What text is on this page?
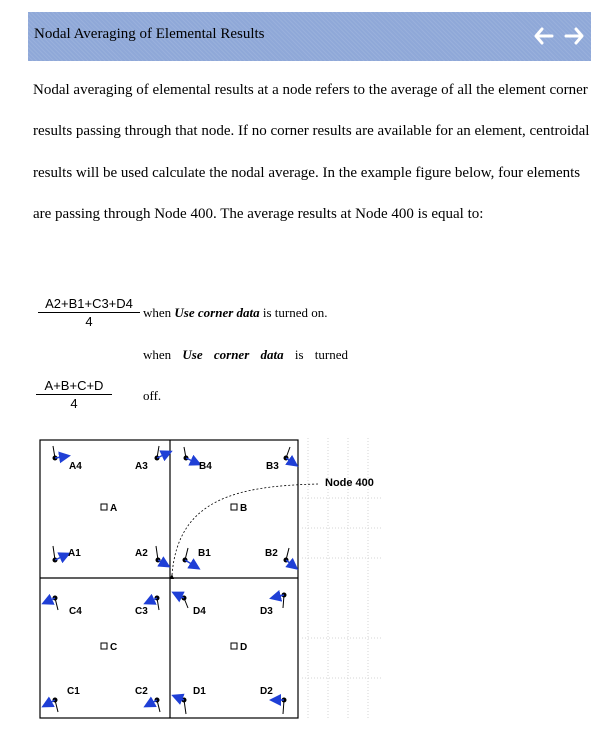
Nodal Averaging of Elemental Results

Nodal averaging of elemental results at a node refers to the average of all the element corner results passing through that node. If no corner results are available for an element, centroidal results will be used calculate the nodal average. In the example figure below, four elements are passing through Node 400. The average results at Node 400 is equal to:

A2+B1+C3+D4
4
when Use corner data is turned on.
when Use corner data is turned
A+B+C+D
4
off.
Node 400
A	B
C	D
A4	A3	B4	B3
A1	A2	B1	B2
C4	C3	D4	D3
C1	C2	D1	D2
